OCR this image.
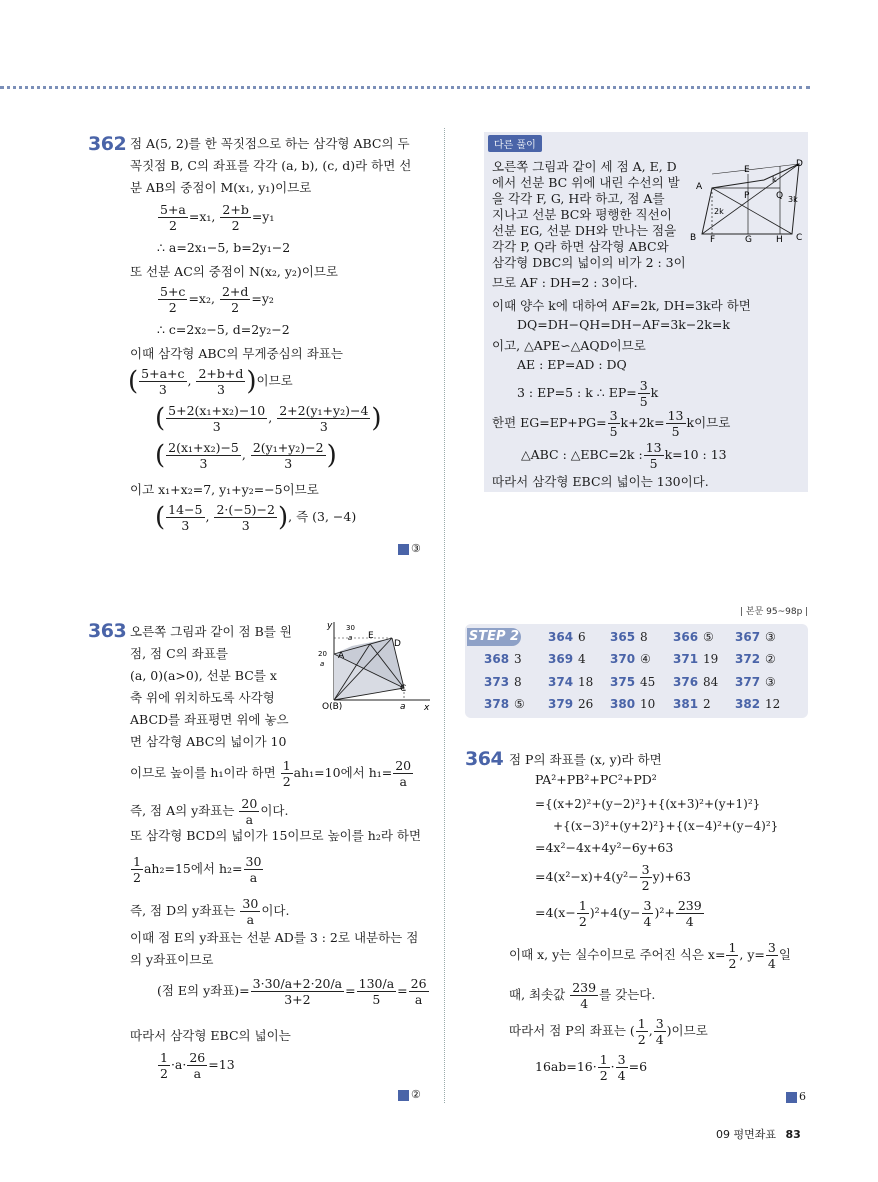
362 점 A(5, 2)를 한 꼭짓점으로 하는 삼각형 ABC의 두
꼭짓점 B, C의 좌표를 각각 (a, b), (c, d)라 하면 선
분 AB의 중점이 M(x₁, y₁)이므로
$\frac{5+a}{2} =x_1$, $\frac{2+b}{2} =y_1$
∴ a=2x₁−5, b=2y₁−2
또 선분 AC의 중점이 N(x₂, y₂)이므로
$\frac{5+c}{2} =x_2$, $\frac{2+d}{2} =y_2$
∴ c=2x₂−5, d=2y₂−2
이때 삼각형 ABC의 무게중심의 좌표는
( $\frac{5+a+c}{3}$ , $\frac{2+b+d}{3}$ )이므로
( $\frac{\text{5+2(x₁+x₂)−10}}{3}$ , $\frac{\text{2+2(y₁+y₂)−4}}{3}$ )
( $\frac{\text{2(x₁+x₂)−5}}{3}$ , $\frac{\text{2(y₁+y₂)−2}}{3}$ )
이고 x₁+x₂=7, y₁+y₂=−5이므로
( $\frac{14-5}{3}$ , $\frac{2\cdot(-5)-2}{3}$ ), 즉 (3, −4)
③
다른 풀이
오른쪽 그림과 같이 세 점 A, E, D
에서 선분 BC 위에 내린 수선의 발
을 각각 F, G, H라 하고, 점 A를
지나고 선분 BC와 평행한 직선이
선분 EG, 선분 DH와 만나는 점을
각각 P, Q라 하면 삼각형 ABC와
삼각형 DBC의 넓이의 비가 2 : 3이
므로 AF : DH=2 : 3이다.
이때 양수 k에 대하여 AF=2k, DH=3k라 하면
DQ=DH−QH=DH−AF=3k−2k=k
이고, △APE∽△AQD이므로
AE : EP=AD : DQ
3 : EP=5 : k ∴ $EP= \frac{3}{5}$ k
한편 $EG=EP+PG= \frac{3}{5} k+2k= \frac{13}{5}$ k이므로
△ABC : △EBC=2k : $\frac{13}{5} k=10$ : 13
따라서 삼각형 EBC의 넓이는 130이다.
A
E
D
P	Q
k
2k
3k
B F	G	H C
| 본문 95~98p |
STEP 2 364 6 365 8 366 ⑤ 367 ③
368 3 369 4 370 ④ 371 19 372 ②
373 8 374 18 375 45 376 84 377 ③
378 ⑤ 379 26 380 10 381 2 382 12
363 오른쪽 그림과 같이 점 B를 원
점, 점 C의 좌표를
(a, 0)(a>0), 선분 BC를 x
축 위에 위치하도록 사각형
ABCD를 좌표평면 위에 놓으
면 삼각형 ABC의 넓이가 10
y
x
O(B)	a
A
E
D
C
30
a
20
a
이므로 높이를 h₁이라 하면 $\frac{1}{2} ah_1=10$에서 $h_1= \frac{20}{a}$
즉, 점 A의 y좌표는 $\frac{20}{a}$ 이다.
또 삼각형 BCD의 넓이가 15이므로 높이를 h₂라 하면
$\frac{1}{2} ah_2=15$에서 $h_2= \frac{30}{a}$
즉, 점 D의 y좌표는 $\frac{30}{a}$ 이다.
이때 점 E의 y좌표는 선분 AD를 3 : 2로 내분하는 점
의 y좌표이므로
(점 E의 y좌표)= $\frac{3\cdot 30/a+2\cdot 20/a}{3+2} = \frac{130/a}{5} = \frac{26}{a}$
따라서 삼각형 EBC의 넓이는
$\frac{1}{2} \cdot a\cdot \frac{26}{a} =13$
②
364 점 P의 좌표를 (x, y)라 하면
PA²+PB²+PC²+PD²
={(x+2)²+(y−2)²}+{(x+3)²+(y+1)²}
+{(x−3)²+(y+2)²}+{(x−4)²+(y−4)²}
=4x²−4x+4y²−6y+63
$=4(x^2-x)+4(y^2- \frac{3}{2} y)+63$
$=4(x- \frac{1}{2} )^2+4(y- \frac{3}{4} )^2+ \frac{239}{4}$
이때 x, y는 실수이므로 주어진 식은 $x= \frac{1}{2}$ , $y= \frac{3}{4}$ 일
때, 최솟값 $\frac{239}{4}$ 를 갖는다.
따라서 점 P의 좌표는 ( $\frac{1}{2}$ , $\frac{3}{4}$ )이므로
$16ab=16\cdot \frac{1}{2} \cdot \frac{3}{4} =6$
6
09 평면좌표 83
